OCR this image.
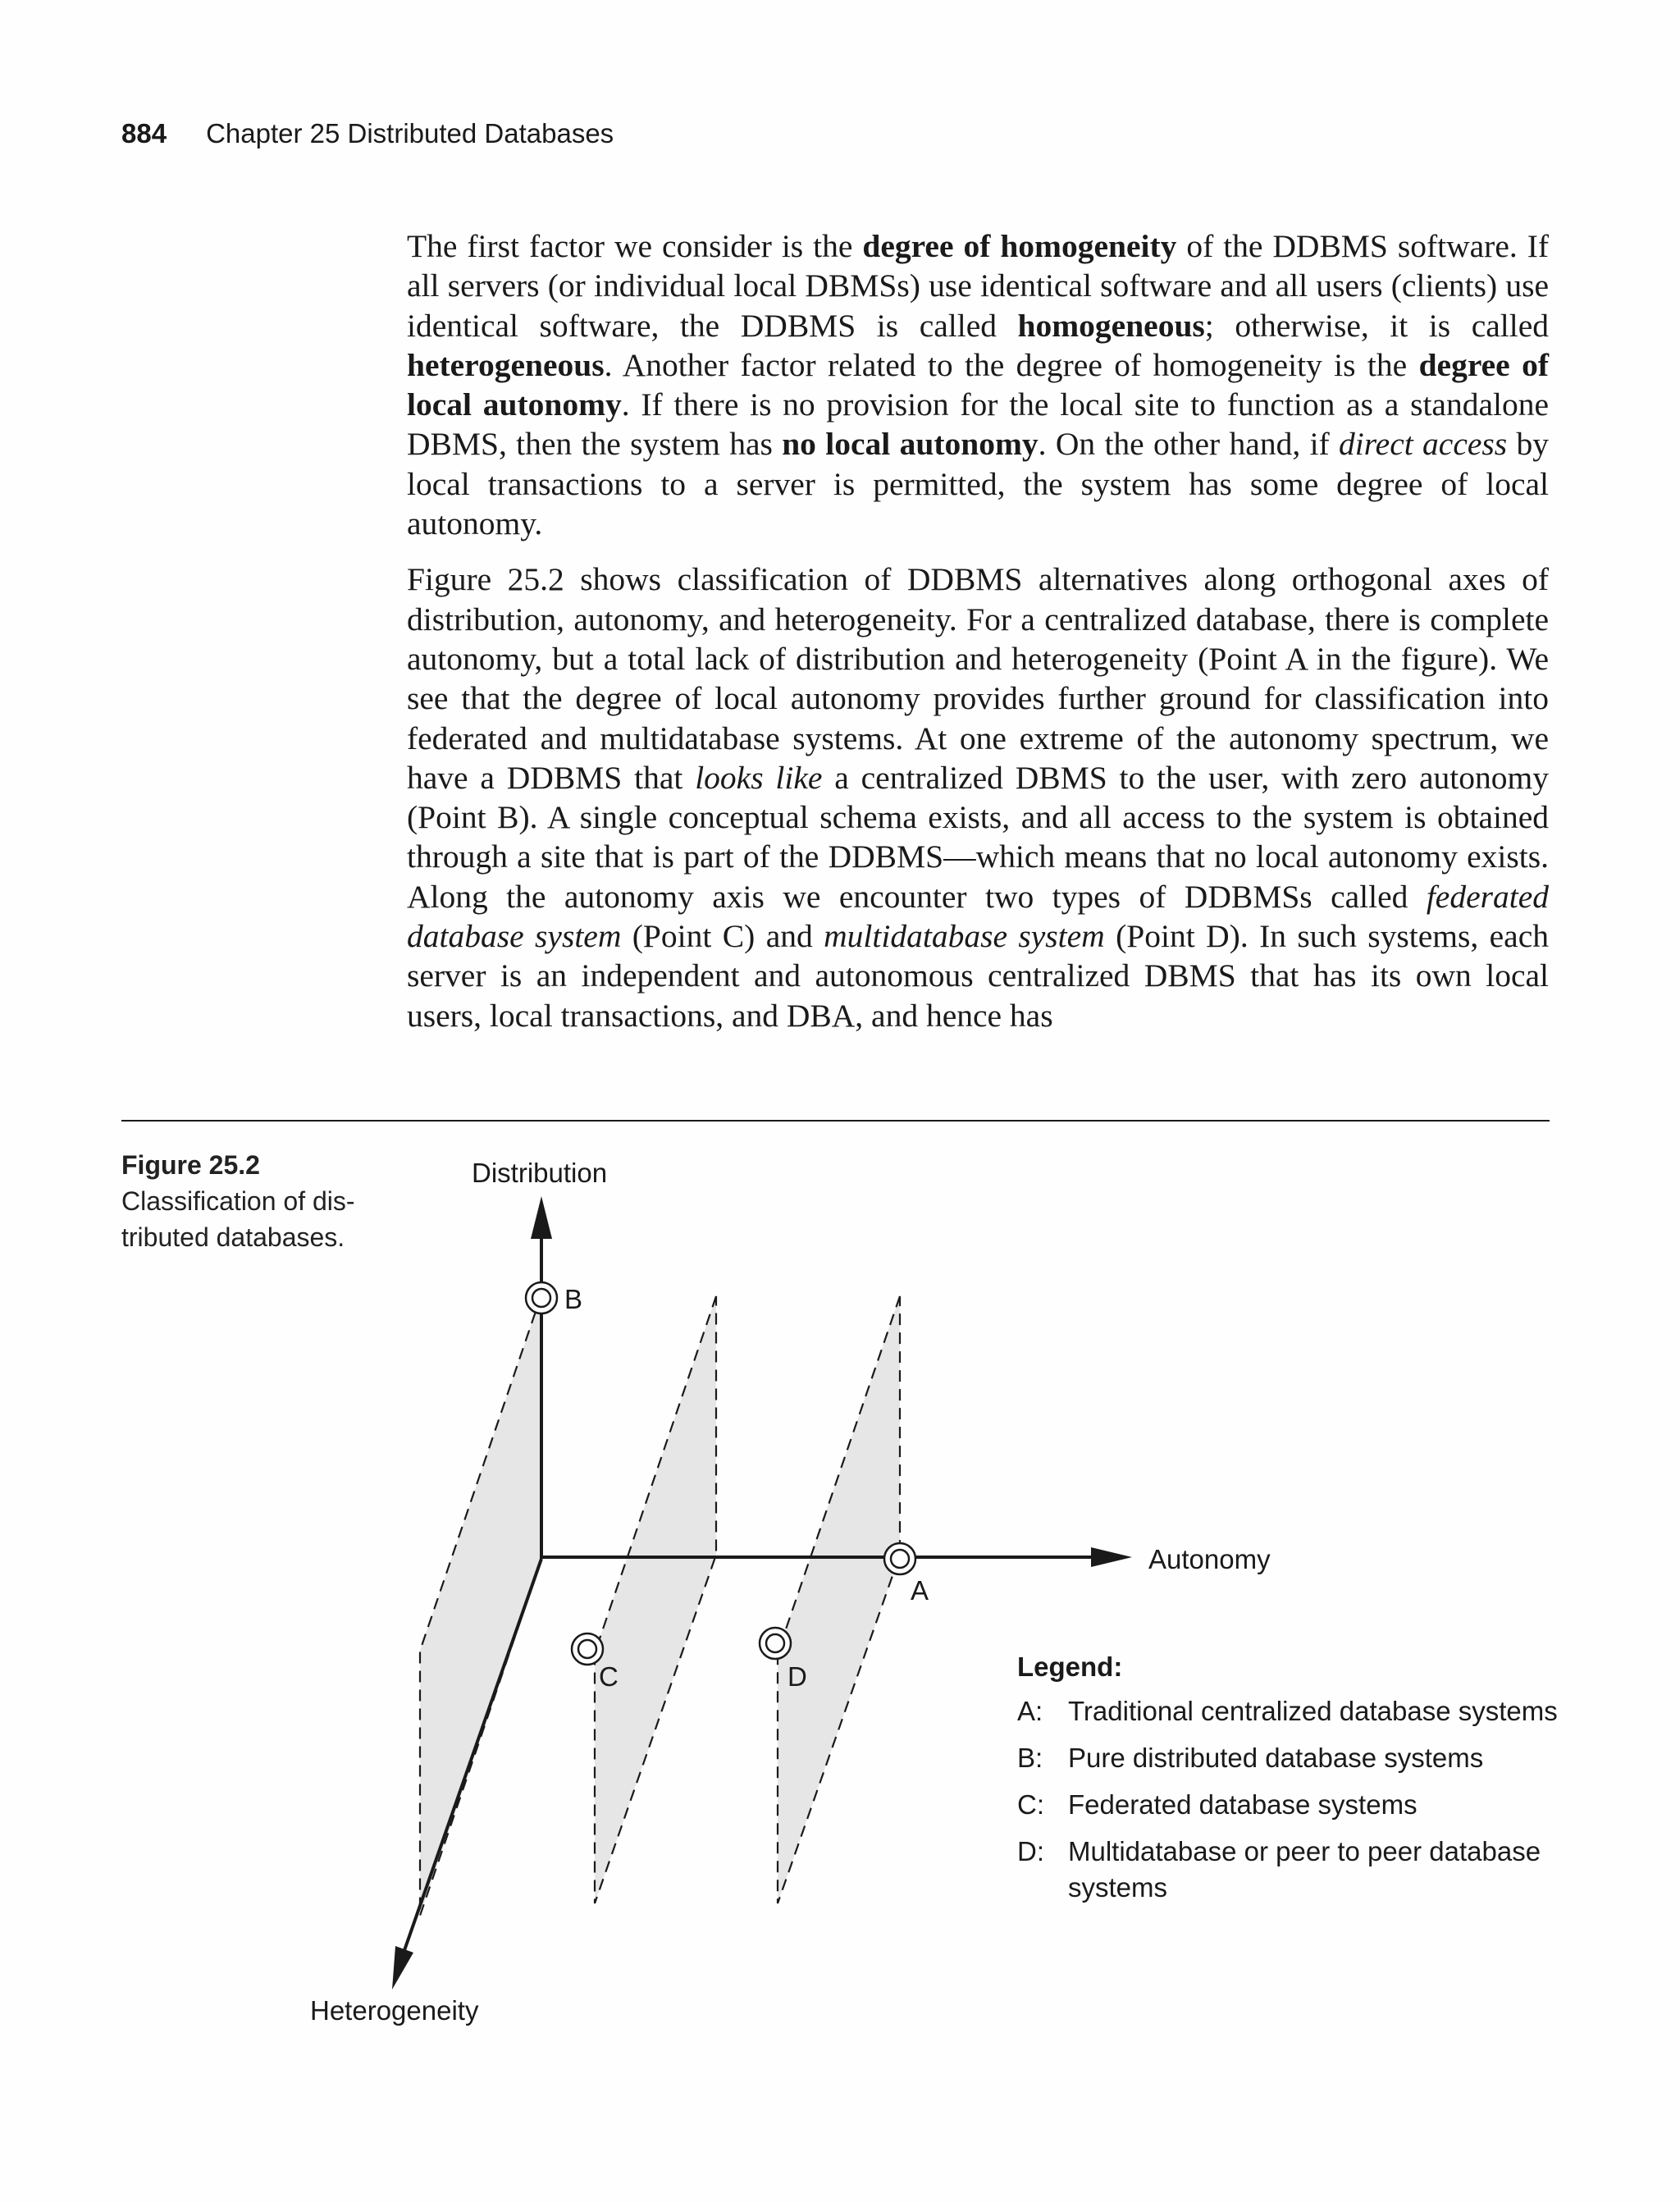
884 Chapter 25 Distributed Databases

The first factor we consider is the degree of homogeneity of the DDBMS software. If all servers (or individual local DBMSs) use identical software and all users (clients) use identical software, the DDBMS is called homogeneous; otherwise, it is called heterogeneous. Another factor related to the degree of homogeneity is the degree of local autonomy. If there is no provision for the local site to function as a standalone DBMS, then the system has no local autonomy. On the other hand, if direct access by local transactions to a server is permitted, the system has some degree of local autonomy.

Figure 25.2 shows classification of DDBMS alternatives along orthogonal axes of distribution, autonomy, and heterogeneity. For a centralized database, there is complete autonomy, but a total lack of distribution and heterogeneity (Point A in the figure). We see that the degree of local autonomy provides further ground for classification into federated and multidatabase systems. At one extreme of the autonomy spectrum, we have a DDBMS that looks like a centralized DBMS to the user, with zero autonomy (Point B). A single conceptual schema exists, and all access to the system is obtained through a site that is part of the DDBMS—which means that no local autonomy exists. Along the autonomy axis we encounter two types of DDBMSs called federated database system (Point C) and multidatabase system (Point D). In such systems, each server is an independent and autonomous centralized DBMS that has its own local users, local transactions, and DBA, and hence has

Figure 25.2
Classification of distributed databases.
Distribution
Autonomy
Heterogeneity
B
A
C	D	Legend:
A: Traditional centralized database systems
B: Pure distributed database systems
C: Federated database systems
D: Multidatabase or peer to peer database systems
